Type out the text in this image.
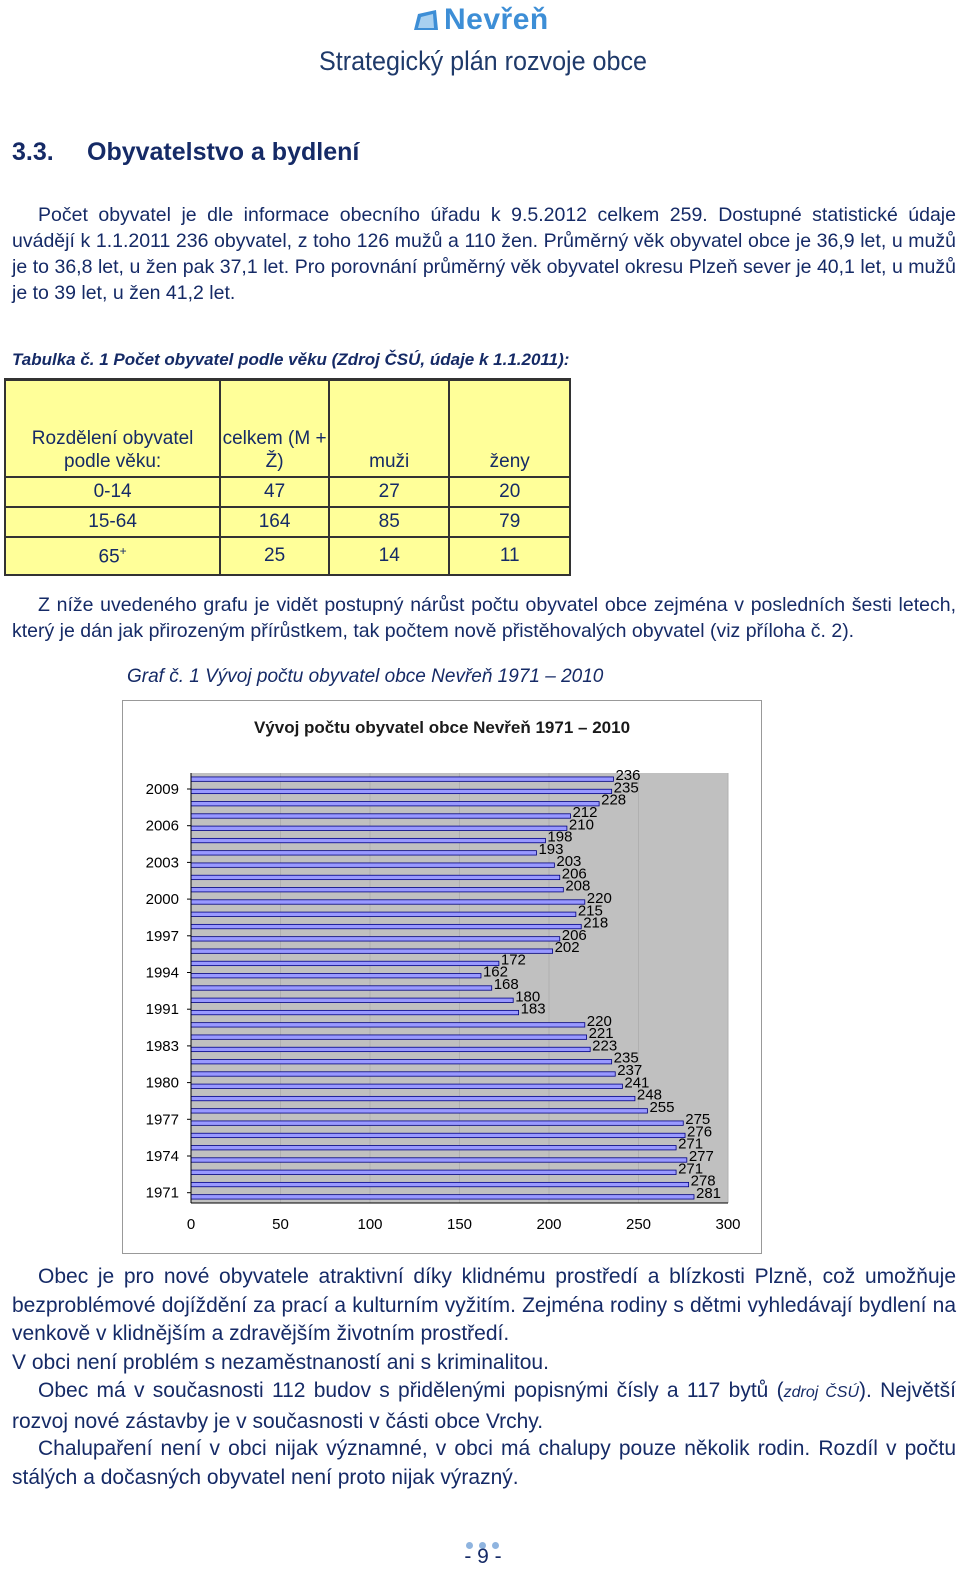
Nevřeň
Strategický plán rozvoje obce
3.3. Obyvatelstvo a bydlení
Počet obyvatel je dle informace obecního úřadu k 9.5.2012 celkem 259. Dostupné statistické údaje uvádějí k 1.1.2011 236 obyvatel, z toho 126 mužů a 110 žen. Průměrný věk obyvatel obce je 36,9 let, u mužů je to 36,8 let, u žen pak 37,1 let. Pro porovnání průměrný věk obyvatel okresu Plzeň sever je 40,1 let, u mužů je to 39 let, u žen 41,2 let.
Tabulka č. 1 Počet obyvatel podle věku (Zdroj ČSÚ, údaje k 1.1.2011):
Rozdělení obyvatel podle věku:	celkem (M + Ž)	muži	ženy
0-14	47	27	20
15-64	164	85	79
65+	25	14	11
Z níže uvedeného grafu je vidět postupný nárůst počtu obyvatel obce zejména v posledních šesti letech, který je dán jak přirozeným přírůstkem, tak počtem nově přistěhovalých obyvatel (viz příloha č. 2).
Graf č. 1 Vývoj počtu obyvatel obce Nevřeň 1971 – 2010
Vývoj počtu obyvatel obce Nevřeň 1971 – 2010
0	50	100	150	200	250	300
236
235
228
212
210
198
193
203
206
208
220
215
218
206
202
172
162
168
180
183
220
221
223
235
237
241
248
255
275
276
271
277
271
278
281
2009
2006
2003
2000
1997
1994
1991
1983
1980
1977
1974
1971
Obec je pro nové obyvatele atraktivní díky klidnému prostředí a blízkosti Plzně, což umožňuje bezproblémové dojíždění za prací a kulturním vyžitím. Zejména rodiny s dětmi vyhledávají bydlení na venkově v klidnějším a zdravějším životním prostředí.
V obci není problém s nezaměstnaností ani s kriminalitou.
Obec má v současnosti 112 budov s přidělenými popisnými čísly a 117 bytů (zdroj ČSÚ). Největší rozvoj nové zástavby je v současnosti v části obce Vrchy.
Chalupaření není v obci nijak významné, v obci má chalupy pouze několik rodin. Rozdíl v počtu stálých a dočasných obyvatel není proto nijak výrazný.
- 9 -
